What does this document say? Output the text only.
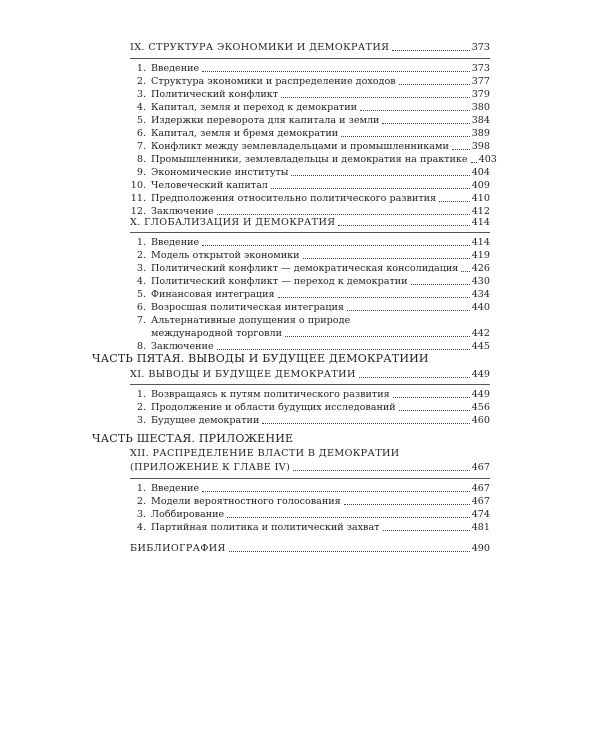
IX. СТРУКТУРА ЭКОНОМИКИ И ДЕМОКРАТИЯ	373
1. Введение	373
2. Структура экономики и распределение доходов	377
3. Политический конфликт	379
4. Капитал, земля и переход к демократии	380
5. Издержки переворота для капитала и земли	384
6. Капитал, земля и бремя демократии	389
7. Конфликт между землевладельцами и промышленниками 398
8. Промышленники, землевладельцы и демократия на практике 403
9. Экономические институты	404
10. Человеческий капитал	409
11. Предположения относительно политического развития	410
12. Заключение	412
X. ГЛОБАЛИЗАЦИЯ И ДЕМОКРАТИЯ	414
1. Введение	414
2. Модель открытой экономики	419
3. Политический конфликт — демократическая консолидация 426
4. Политический конфликт — переход к демократии	430
5. Финансовая интеграция	434
6. Возросшая политическая интеграция	440
7. Альтернативные допущения о природе
международной торговли	442
8. Заключение	445
ЧАСТЬ ПЯТАЯ. ВЫВОДЫ И БУДУЩЕЕ ДЕМОКРАТИИИ
XI. ВЫВОДЫ И БУДУЩЕЕ ДЕМОКРАТИИ	449
1. Возвращаясь к путям политического развития	449
2. Продолжение и области будущих исследований	456
3. Будущее демократии	460
ЧАСТЬ ШЕСТАЯ. ПРИЛОЖЕНИЕ
XII. РАСПРЕДЕЛЕНИЕ ВЛАСТИ В ДЕМОКРАТИИ
(ПРИЛОЖЕНИЕ К ГЛАВЕ IV)	467
1. Введение	467
2. Модели вероятностного голосования	467
3. Лоббирование	474
4. Партийная политика и политический захват	481
БИБЛИОГРАФИЯ	490
